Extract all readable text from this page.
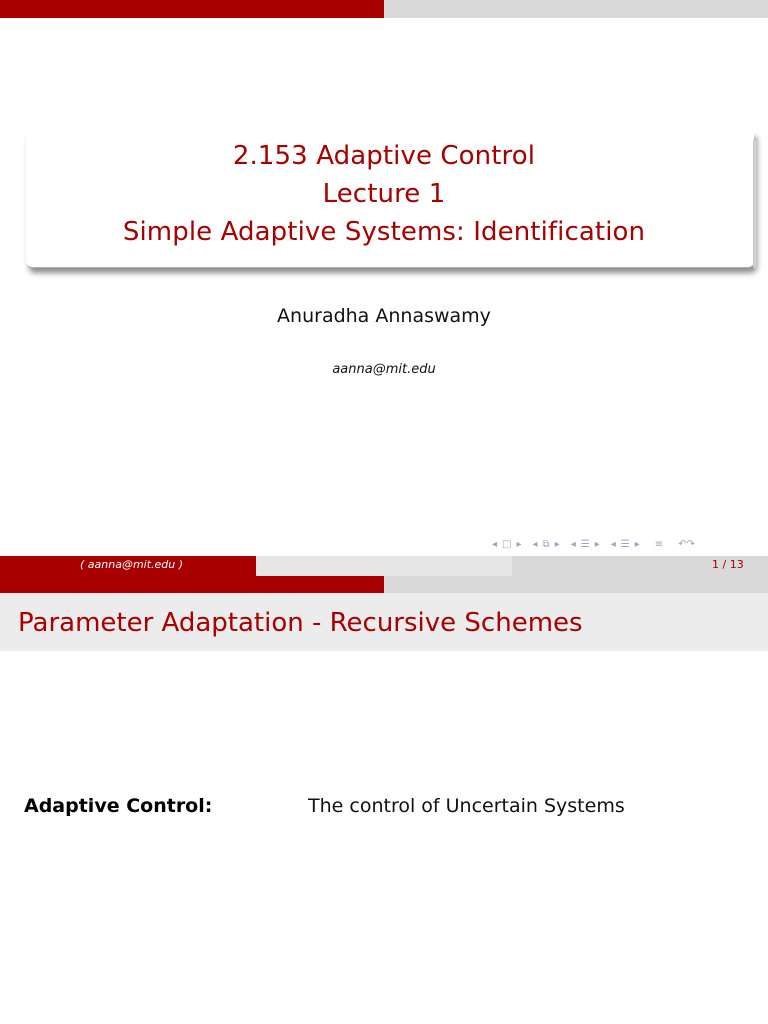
2.153 Adaptive Control
Lecture 1
Simple Adaptive Systems: Identification
Anuradha Annaswamy
aanna@mit.edu
◂ □ ▸ ◂ ⧉ ▸ ◂ ☰ ▸ ◂ ☰ ▸ ≡ ↶↷
( aanna@mit.edu )	1 / 13
Parameter Adaptation - Recursive Schemes
Adaptive Control:	The control of Uncertain Systems
